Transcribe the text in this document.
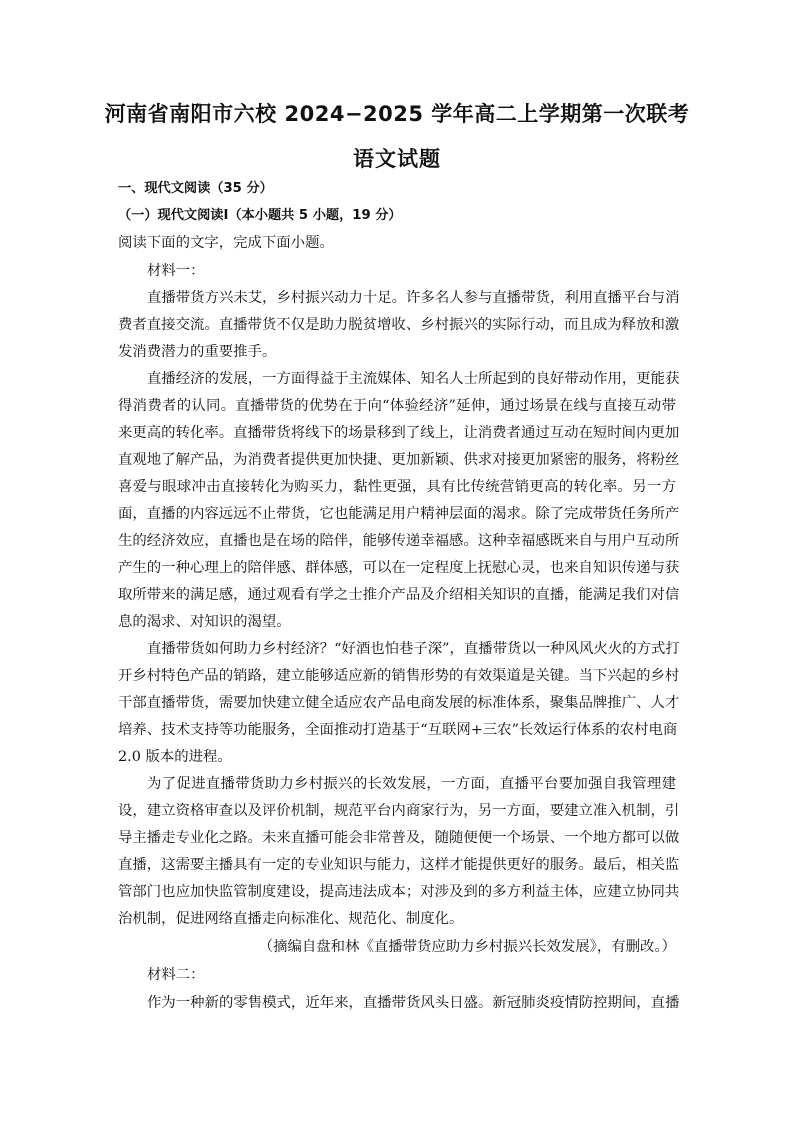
河南省南阳市六校 2024−2025 学年高二上学期第一次联考
语文试题
一、现代文阅读（35 分）
（一）现代文阅读Ⅰ（本小题共 5 小题，19 分）
阅读下面的文字，完成下面小题。
材料一：
直播带货方兴未艾，乡村振兴动力十足。许多名人参与直播带货，利用直播平台与消
费者直接交流。直播带货不仅是助力脱贫增收、乡村振兴的实际行动，而且成为释放和激
发消费潜力的重要推手。
直播经济的发展，一方面得益于主流媒体、知名人士所起到的良好带动作用，更能获
得消费者的认同。直播带货的优势在于向“体验经济”延伸，通过场景在线与直接互动带
来更高的转化率。直播带货将线下的场景移到了线上，让消费者通过互动在短时间内更加
直观地了解产品，为消费者提供更加快捷、更加新颖、供求对接更加紧密的服务，将粉丝
喜爱与眼球冲击直接转化为购买力，黏性更强，具有比传统营销更高的转化率。另一方
面，直播的内容远远不止带货，它也能满足用户精神层面的渴求。除了完成带货任务所产
生的经济效应，直播也是在场的陪伴，能够传递幸福感。这种幸福感既来自与用户互动所
产生的一种心理上的陪伴感、群体感，可以在一定程度上抚慰心灵，也来自知识传递与获
取所带来的满足感，通过观看有学之士推介产品及介绍相关知识的直播，能满足我们对信
息的渴求、对知识的渴望。
直播带货如何助力乡村经济？“好酒也怕巷子深”，直播带货以一种风风火火的方式打
开乡村特色产品的销路，建立能够适应新的销售形势的有效渠道是关键。当下兴起的乡村
干部直播带货，需要加快建立健全适应农产品电商发展的标准体系，聚集品牌推广、人才
培养、技术支持等功能服务，全面推动打造基于“互联网+三农”长效运行体系的农村电商
2.0 版本的进程。
为了促进直播带货助力乡村振兴的长效发展，一方面，直播平台要加强自我管理建
设，建立资格审查以及评价机制，规范平台内商家行为，另一方面，要建立准入机制，引
导主播走专业化之路。未来直播可能会非常普及，随随便便一个场景、一个地方都可以做
直播，这需要主播具有一定的专业知识与能力，这样才能提供更好的服务。最后，相关监
管部门也应加快监管制度建设，提高违法成本；对涉及到的多方利益主体，应建立协同共
治机制，促进网络直播走向标准化、规范化、制度化。
（摘编自盘和林《直播带货应助力乡村振兴长效发展》，有删改。）
材料二：
作为一种新的零售模式，近年来，直播带货风头日盛。新冠肺炎疫情防控期间，直播
